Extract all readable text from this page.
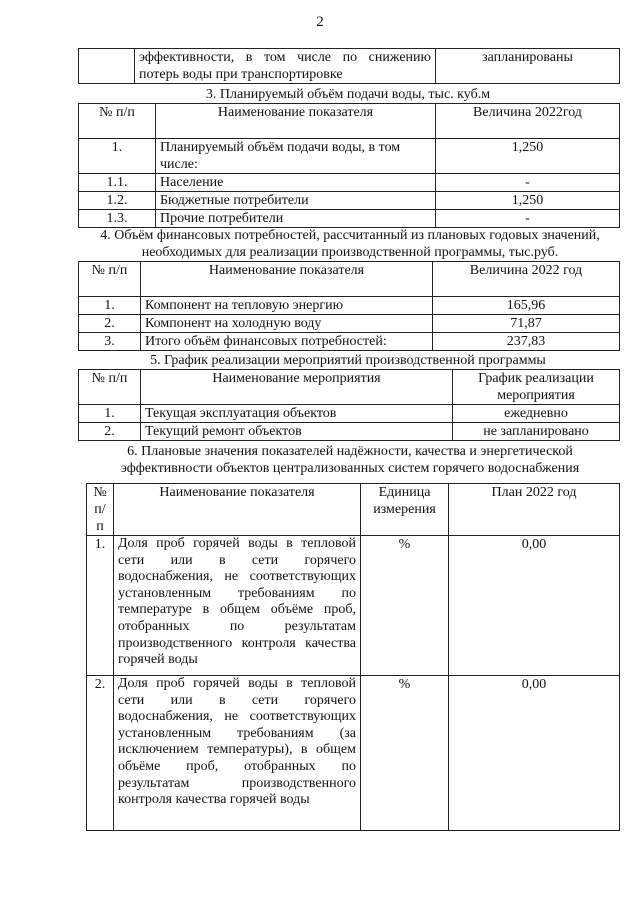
2
	эффективности, в том числе по снижению потерь воды при транспортировке	запланированы
3. Планируемый объём подачи воды, тыс. куб.м
№ п/п	Наименование показателя	Величина 2022год
1.	Планируемый объём подачи воды, в том числе:	1,250
1.1.	Население	-
1.2.	Бюджетные потребители	1,250
1.3.	Прочие потребители	-
4. Объём финансовых потребностей, рассчитанный из плановых годовых значений, необходимых для реализации производственной программы, тыс.руб.
№ п/п	Наименование показателя	Величина 2022 год
1.	Компонент на тепловую энергию	165,96
2.	Компонент на холодную воду	71,87
3.	Итого объём финансовых потребностей:	237,83
5. График реализации мероприятий производственной программы
№ п/п	Наименование мероприятия	График реализации мероприятия
1.	Текущая эксплуатация объектов	ежедневно
2.	Текущий ремонт объектов	не запланировано
6. Плановые значения показателей надёжности, качества и энергетической эффективности объектов централизованных систем горячего водоснабжения
№ п/п	Наименование показателя	Единица измерения	План 2022 год
1.	Доля проб горячей воды в тепловой сети или в сети горячего водоснабжения, не соответствующих установленным требованиям по температуре в общем объёме проб, отобранных по результатам производственного контроля качества горячей воды	%	0,00
2.	Доля проб горячей воды в тепловой сети или в сети горячего водоснабжения, не соответствующих установленным требованиям (за исключением температуры), в общем объёме проб, отобранных по результатам производственного контроля качества горячей воды	%	0,00
